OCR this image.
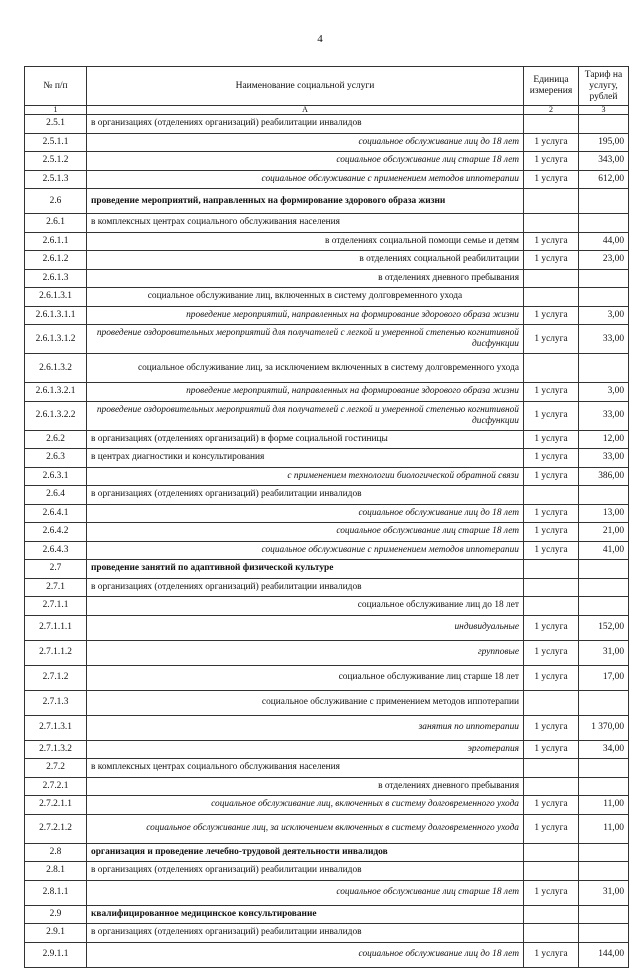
4
№ п/п	Наименование социальной услуги	Единица измерения	Тариф на услугу, рублей
1	А	2	3
2.5.1	в организациях (отделениях организаций) реабилитации инвалидов		
2.5.1.1	социальное обслуживание лиц до 18 лет	1 услуга	195,00
2.5.1.2	социальное обслуживание лиц старше 18 лет	1 услуга	343,00
2.5.1.3	социальное обслуживание с применением методов иппотерапии	1 услуга	612,00
2.6	проведение мероприятий, направленных на формирование здорового образа жизни		
2.6.1	в комплексных центрах социального обслуживания населения		
2.6.1.1	в отделениях социальной помощи семье и детям	1 услуга	44,00
2.6.1.2	в отделениях социальной реабилитации	1 услуга	23,00
2.6.1.3	в отделениях дневного пребывания		
2.6.1.3.1	социальное обслуживание лиц, включенных в систему долговременного ухода		
2.6.1.3.1.1	проведение мероприятий, направленных на формирование здорового образа жизни	1 услуга	3,00
2.6.1.3.1.2	проведение оздоровительных мероприятий для получателей с легкой и умеренной степенью когнитивной дисфункции	1 услуга	33,00
2.6.1.3.2	социальное обслуживание лиц, за исключением включенных в систему долговременного ухода		
2.6.1.3.2.1	проведение мероприятий, направленных на формирование здорового образа жизни	1 услуга	3,00
2.6.1.3.2.2	проведение оздоровительных мероприятий для получателей с легкой и умеренной степенью когнитивной дисфункции	1 услуга	33,00
2.6.2	в организациях (отделениях организаций) в форме социальной гостиницы	1 услуга	12,00
2.6.3	в центрах диагностики и консультирования	1 услуга	33,00
2.6.3.1	с применением технологии биологической обратной связи	1 услуга	386,00
2.6.4	в организациях (отделениях организаций) реабилитации инвалидов		
2.6.4.1	социальное обслуживание лиц до 18 лет	1 услуга	13,00
2.6.4.2	социальное обслуживание лиц старше 18 лет	1 услуга	21,00
2.6.4.3	социальное обслуживание с применением методов иппотерапии	1 услуга	41,00
2.7	проведение занятий по адаптивной физической культуре		
2.7.1	в организациях (отделениях организаций) реабилитации инвалидов		
2.7.1.1	социальное обслуживание лиц до 18 лет		
2.7.1.1.1	индивидуальные	1 услуга	152,00
2.7.1.1.2	групповые	1 услуга	31,00
2.7.1.2	социальное обслуживание лиц старше 18 лет	1 услуга	17,00
2.7.1.3	социальное обслуживание с применением методов иппотерапии		
2.7.1.3.1	занятия по иппотерапии	1 услуга	1 370,00
2.7.1.3.2	эрготерапия	1 услуга	34,00
2.7.2	в комплексных центрах социального обслуживания населения		
2.7.2.1	в отделениях дневного пребывания		
2.7.2.1.1	социальное обслуживание лиц, включенных в систему долговременного ухода	1 услуга	11,00
2.7.2.1.2	социальное обслуживание лиц, за исключением включенных в систему долговременного ухода	1 услуга	11,00
2.8	организация и проведение лечебно-трудовой деятельности инвалидов		
2.8.1	в организациях (отделениях организаций) реабилитации инвалидов		
2.8.1.1	социальное обслуживание лиц старше 18 лет	1 услуга	31,00
2.9	квалифицированное медицинское консультирование		
2.9.1	в организациях (отделениях организаций) реабилитации инвалидов		
2.9.1.1	социальное обслуживание лиц до 18 лет	1 услуга	144,00
